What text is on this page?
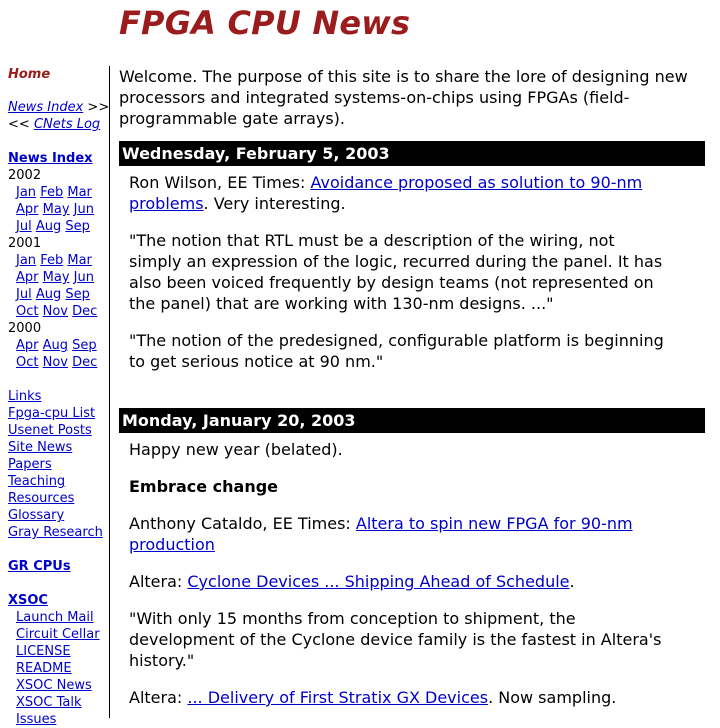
FPGA CPU News
Home
News Index >>
<< CNets Log
News Index
2002
Jan Feb Mar
Apr May Jun
Jul Aug Sep
2001
Jan Feb Mar
Apr May Jun
Jul Aug Sep
Oct Nov Dec
2000
Apr Aug Sep
Oct Nov Dec
Links
Fpga-cpu List
Usenet Posts
Site News
Papers
Teaching
Resources
Glossary
Gray Research
GR CPUs
XSOC
Launch Mail
Circuit Cellar
LICENSE
README
XSOC News
XSOC Talk
Issues

Welcome. The purpose of this site is to share the lore of designing new processors and integrated systems-on-chips using FPGAs (field-programmable gate arrays).

Wednesday, February 5, 2003

Ron Wilson, EE Times: Avoidance proposed as solution to 90-nm problems. Very interesting.

"The notion that RTL must be a description of the wiring, not simply an expression of the logic, recurred during the panel. It has also been voiced frequently by design teams (not represented on the panel) that are working with 130-nm designs. ..."

"The notion of the predesigned, configurable platform is beginning to get serious notice at 90 nm."

Monday, January 20, 2003

Happy new year (belated).

Embrace change

Anthony Cataldo, EE Times: Altera to spin new FPGA for 90-nm production

Altera: Cyclone Devices ... Shipping Ahead of Schedule.

"With only 15 months from conception to shipment, the development of the Cyclone device family is the fastest in Altera's history."

Altera: ... Delivery of First Stratix GX Devices. Now sampling.
